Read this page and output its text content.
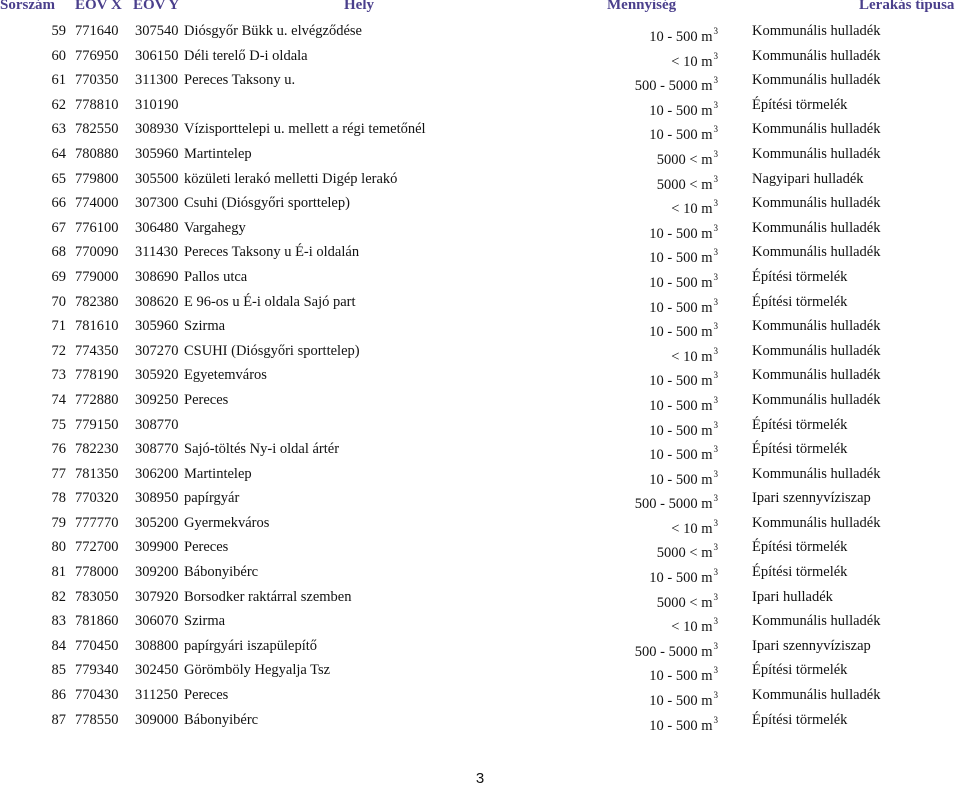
Sorszám EOV X EOV Y	Hely	Mennyiség	Lerakás típusa
59 771640 307540 Diósgyőr Bükk u. elvégződése	10 - 500 $m^3$ Kommunális hulladék
60 776950 306150 Déli terelő D-i oldala	< 10 $m^3$ Kommunális hulladék
61 770350 311300 Pereces Taksony u.	500 - 5000 $m^3$ Kommunális hulladék
62 778810 310190	10 - 500 $m^3$ Építési törmelék
63 782550 308930 Vízisporttelepi u. mellett a régi temetőnél	10 - 500 $m^3$ Kommunális hulladék
64 780880 305960 Martintelep	$5000 < m^3$ Kommunális hulladék
65 779800 305500 közületi lerakó melletti Digép lerakó	$5000 < m^3$ Nagyipari hulladék
66 774000 307300 Csuhi (Diósgyőri sporttelep)	< 10 $m^3$ Kommunális hulladék
67 776100 306480 Vargahegy	10 - 500 $m^3$ Kommunális hulladék
68 770090 311430 Pereces Taksony u É-i oldalán	10 - 500 $m^3$ Kommunális hulladék
69 779000 308690 Pallos utca	10 - 500 $m^3$ Építési törmelék
70 782380 308620 E 96-os u É-i oldala Sajó part	10 - 500 $m^3$ Építési törmelék
71 781610 305960 Szirma	10 - 500 $m^3$ Kommunális hulladék
72 774350 307270 CSUHI (Diósgyőri sporttelep)	< 10 $m^3$ Kommunális hulladék
73 778190 305920 Egyetemváros	10 - 500 $m^3$ Kommunális hulladék
74 772880 309250 Pereces	10 - 500 $m^3$ Kommunális hulladék
75 779150 308770	10 - 500 $m^3$ Építési törmelék
76 782230 308770 Sajó-töltés Ny-i oldal ártér	10 - 500 $m^3$ Építési törmelék
77 781350 306200 Martintelep	10 - 500 $m^3$ Kommunális hulladék
78 770320 308950 papírgyár	500 - 5000 $m^3$ Ipari szennyvíziszap
79 777770 305200 Gyermekváros	< 10 $m^3$ Kommunális hulladék
80 772700 309900 Pereces	$5000 < m^3$ Építési törmelék
81 778000 309200 Bábonyibérc	10 - 500 $m^3$ Építési törmelék
82 783050 307920 Borsodker raktárral szemben	$5000 < m^3$ Ipari hulladék
83 781860 306070 Szirma	< 10 $m^3$ Kommunális hulladék
84 770450 308800 papírgyári iszapülepítő	500 - 5000 $m^3$ Ipari szennyvíziszap
85 779340 302450 Görömböly Hegyalja Tsz	10 - 500 $m^3$ Építési törmelék
86 770430 311250 Pereces	10 - 500 $m^3$ Kommunális hulladék
87 778550 309000 Bábonyibérc	10 - 500 $m^3$ Építési törmelék
3
